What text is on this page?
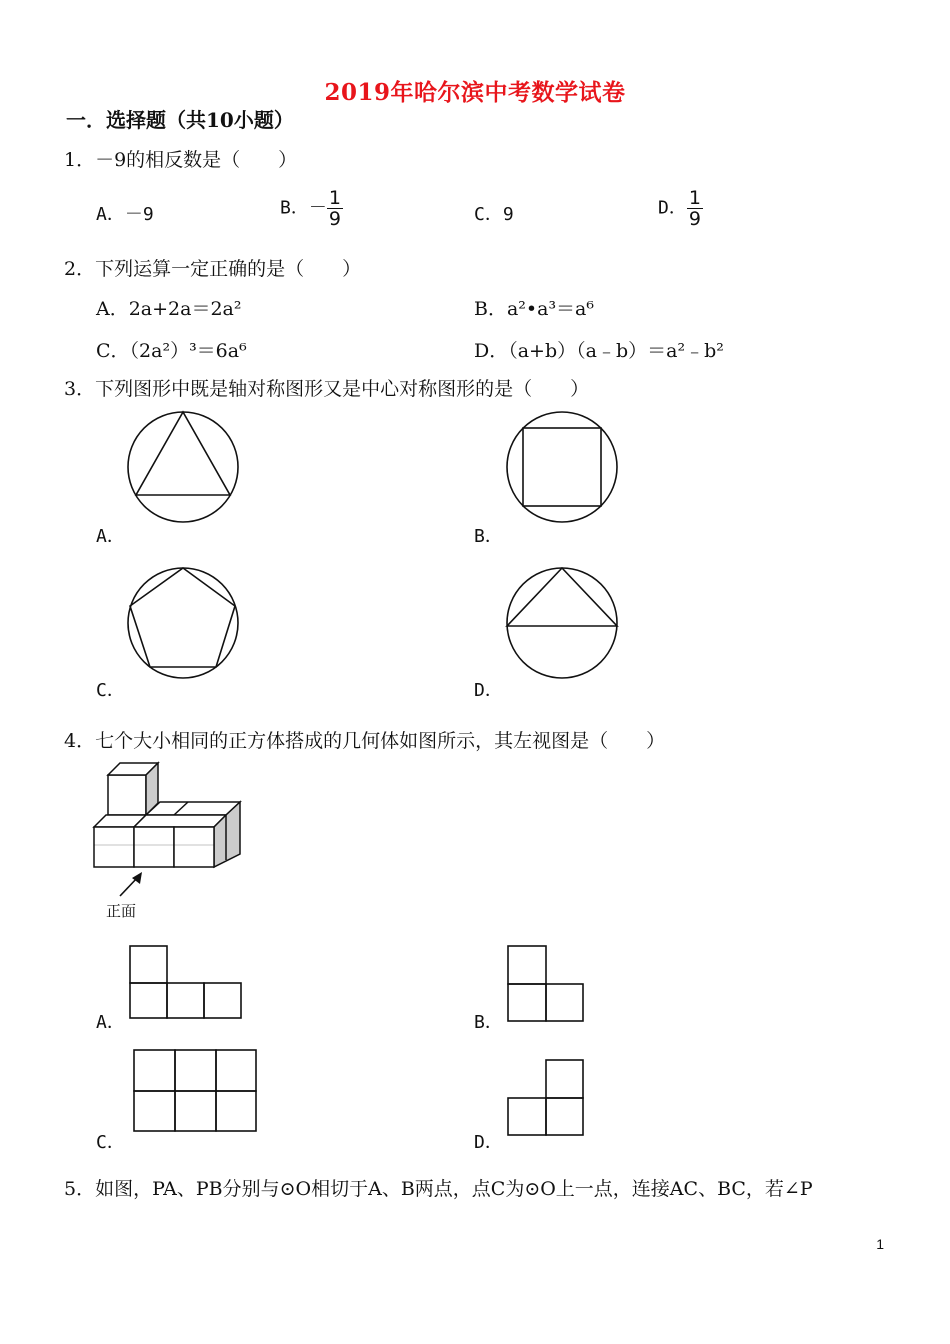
2019年哈尔滨中考数学试卷
一．选择题（共10小题）
1．－9的相反数是（　　）
A．－9	B．－ $\frac{1}{9}$	C．9	D． $\frac{1}{9}$
2．下列运算一定正确的是（　　）
A．2a+2a＝2a²	B．a²•a³＝a⁶
C．（2a²）³＝6a⁶	D．（a+b）（a﹣b）＝a²﹣b²
3．下列图形中既是轴对称图形又是中心对称图形的是（　　）
A．	B．
C．	D．
4．七个大小相同的正方体搭成的几何体如图所示，其左视图是（　　）
正面
A．	B．
C．	D．
5．如图，PA、PB分别与⊙O相切于A、B两点，点C为⊙O上一点，连接AC、BC，若∠P
1
